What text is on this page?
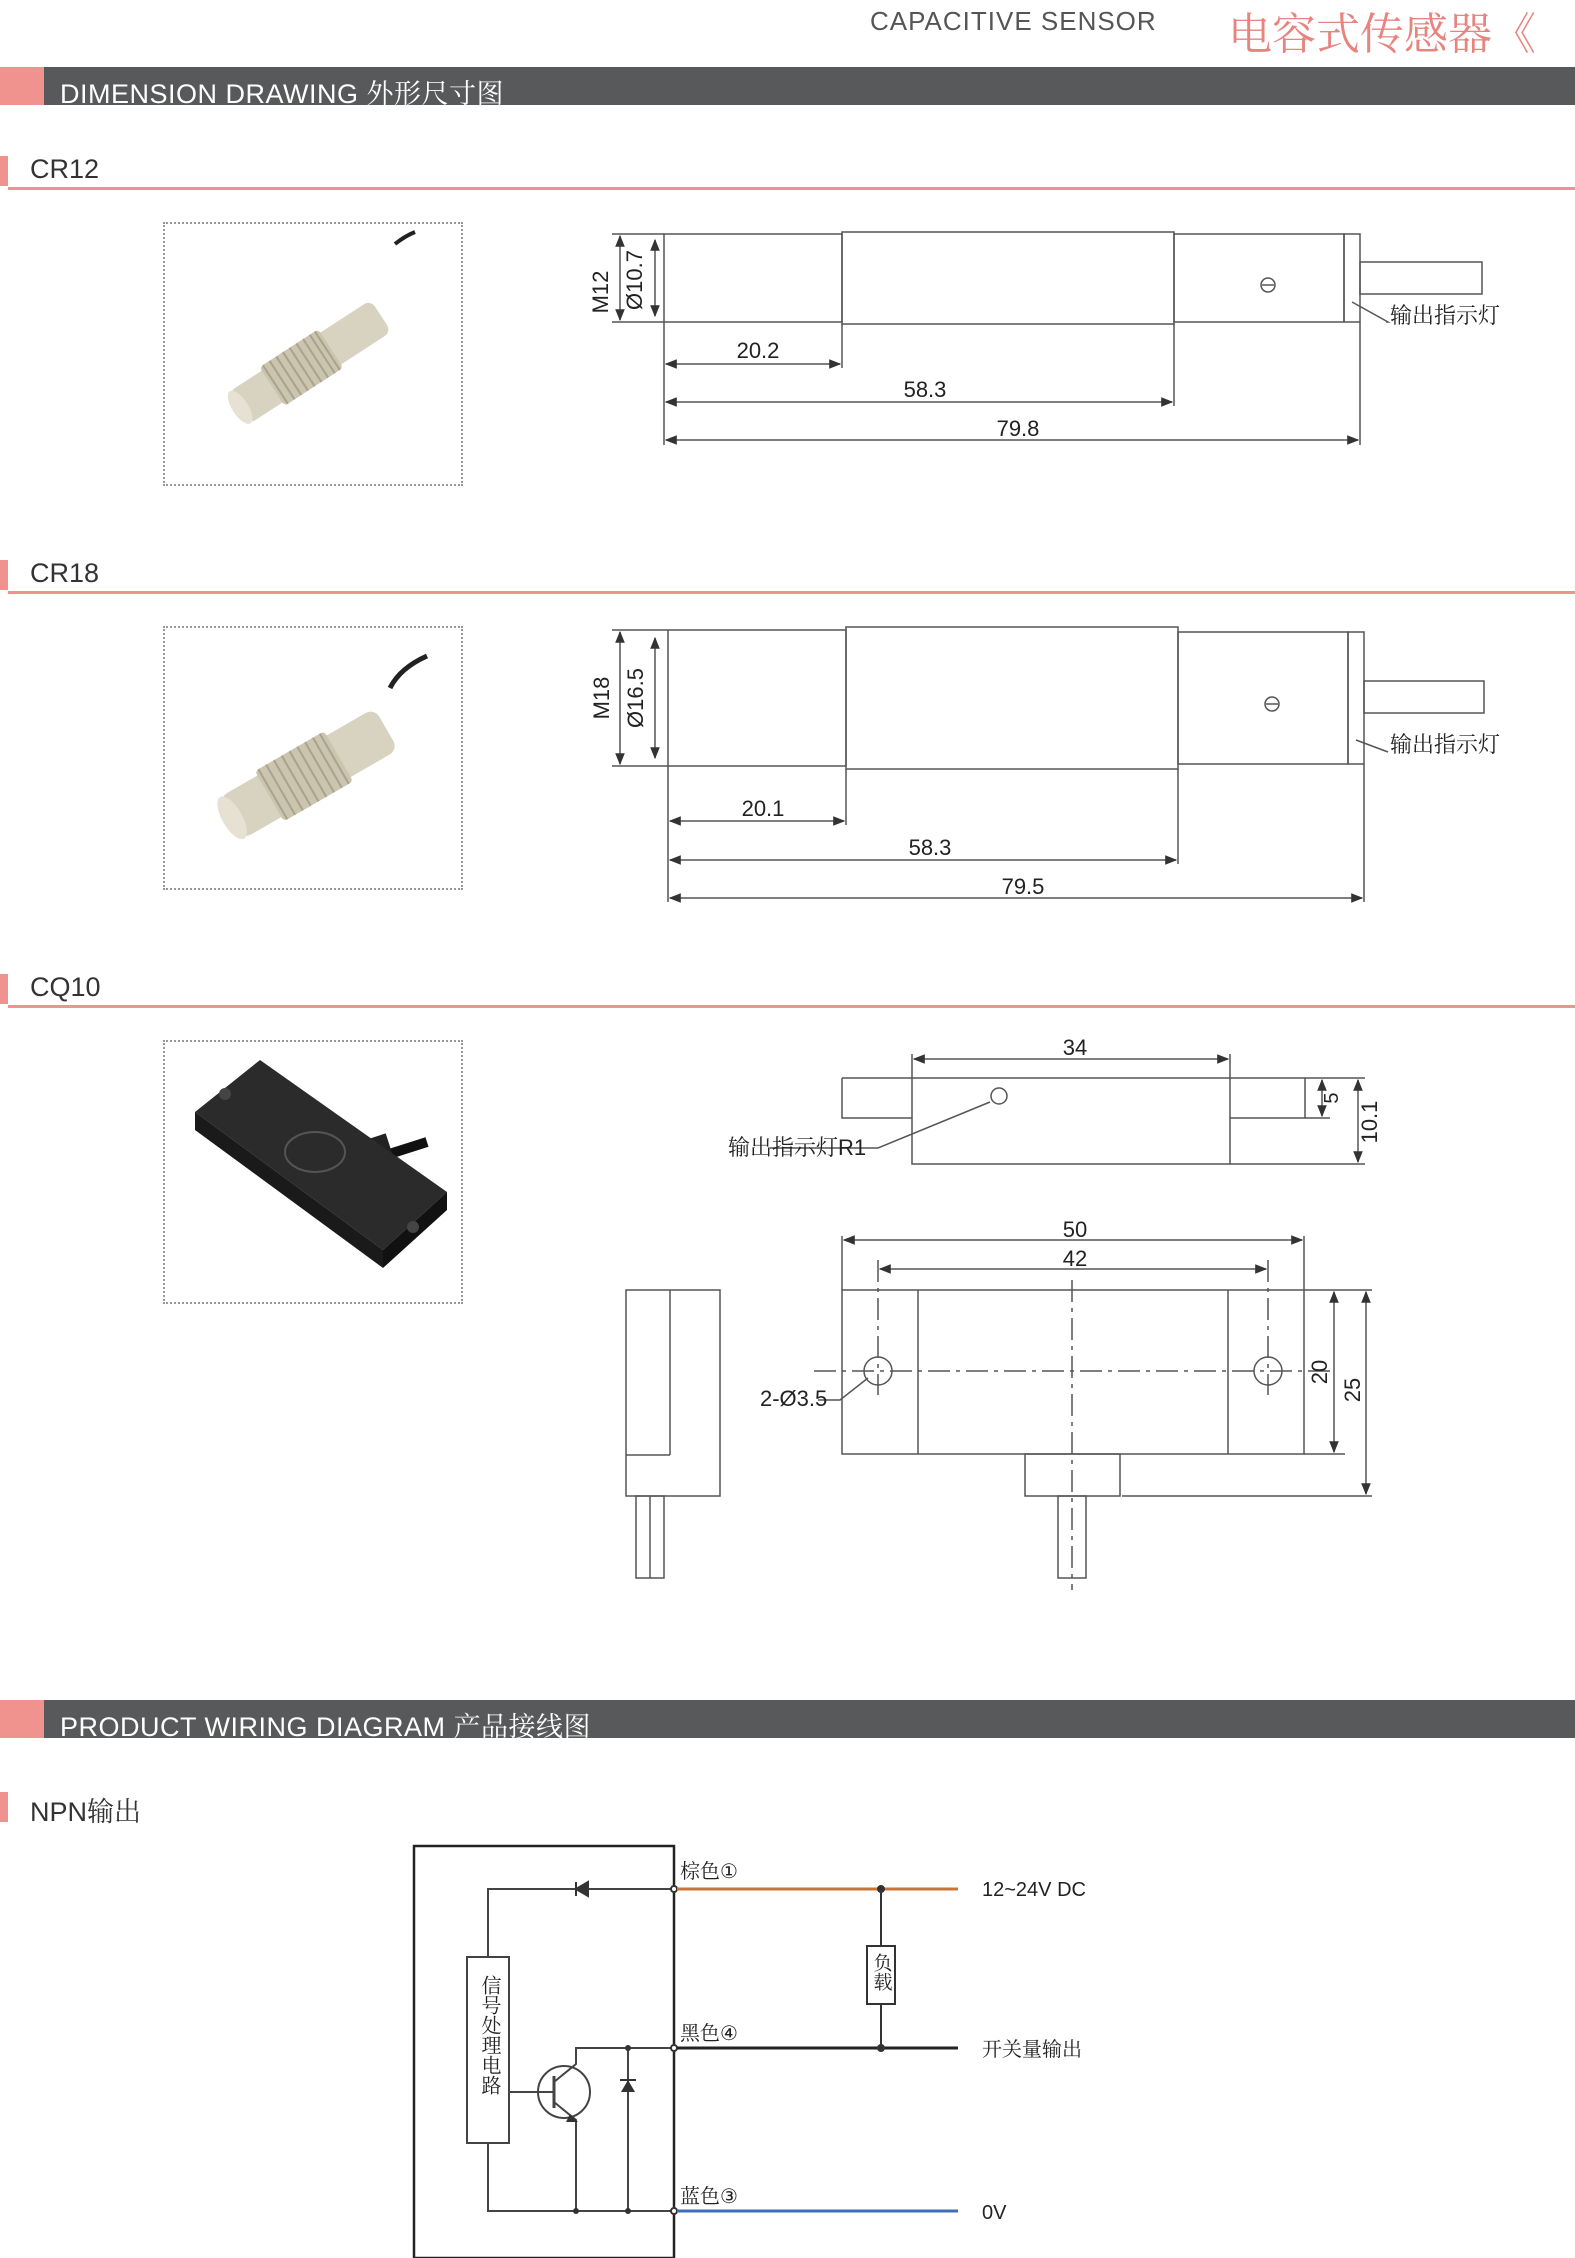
CAPACITIVE SENSOR 电容式传感器《
DIMENSION DRAWING 外形尺寸图
CR12
CR18
CQ10
PRODUCT WIRING DIAGRAM 产品接线图
NPN输出
M12 Ø10.7
20.2
58.3
79.8
输出指示灯
M18 Ø16.5
20.1
58.3
79.5
输出指示灯
34
5
10.1
输出指示灯R1
50
42
2-Ø3.5
20
25
棕色①
黑色④
蓝色③
12~24V DC
开关量输出
0V
信号处理电路
负载
